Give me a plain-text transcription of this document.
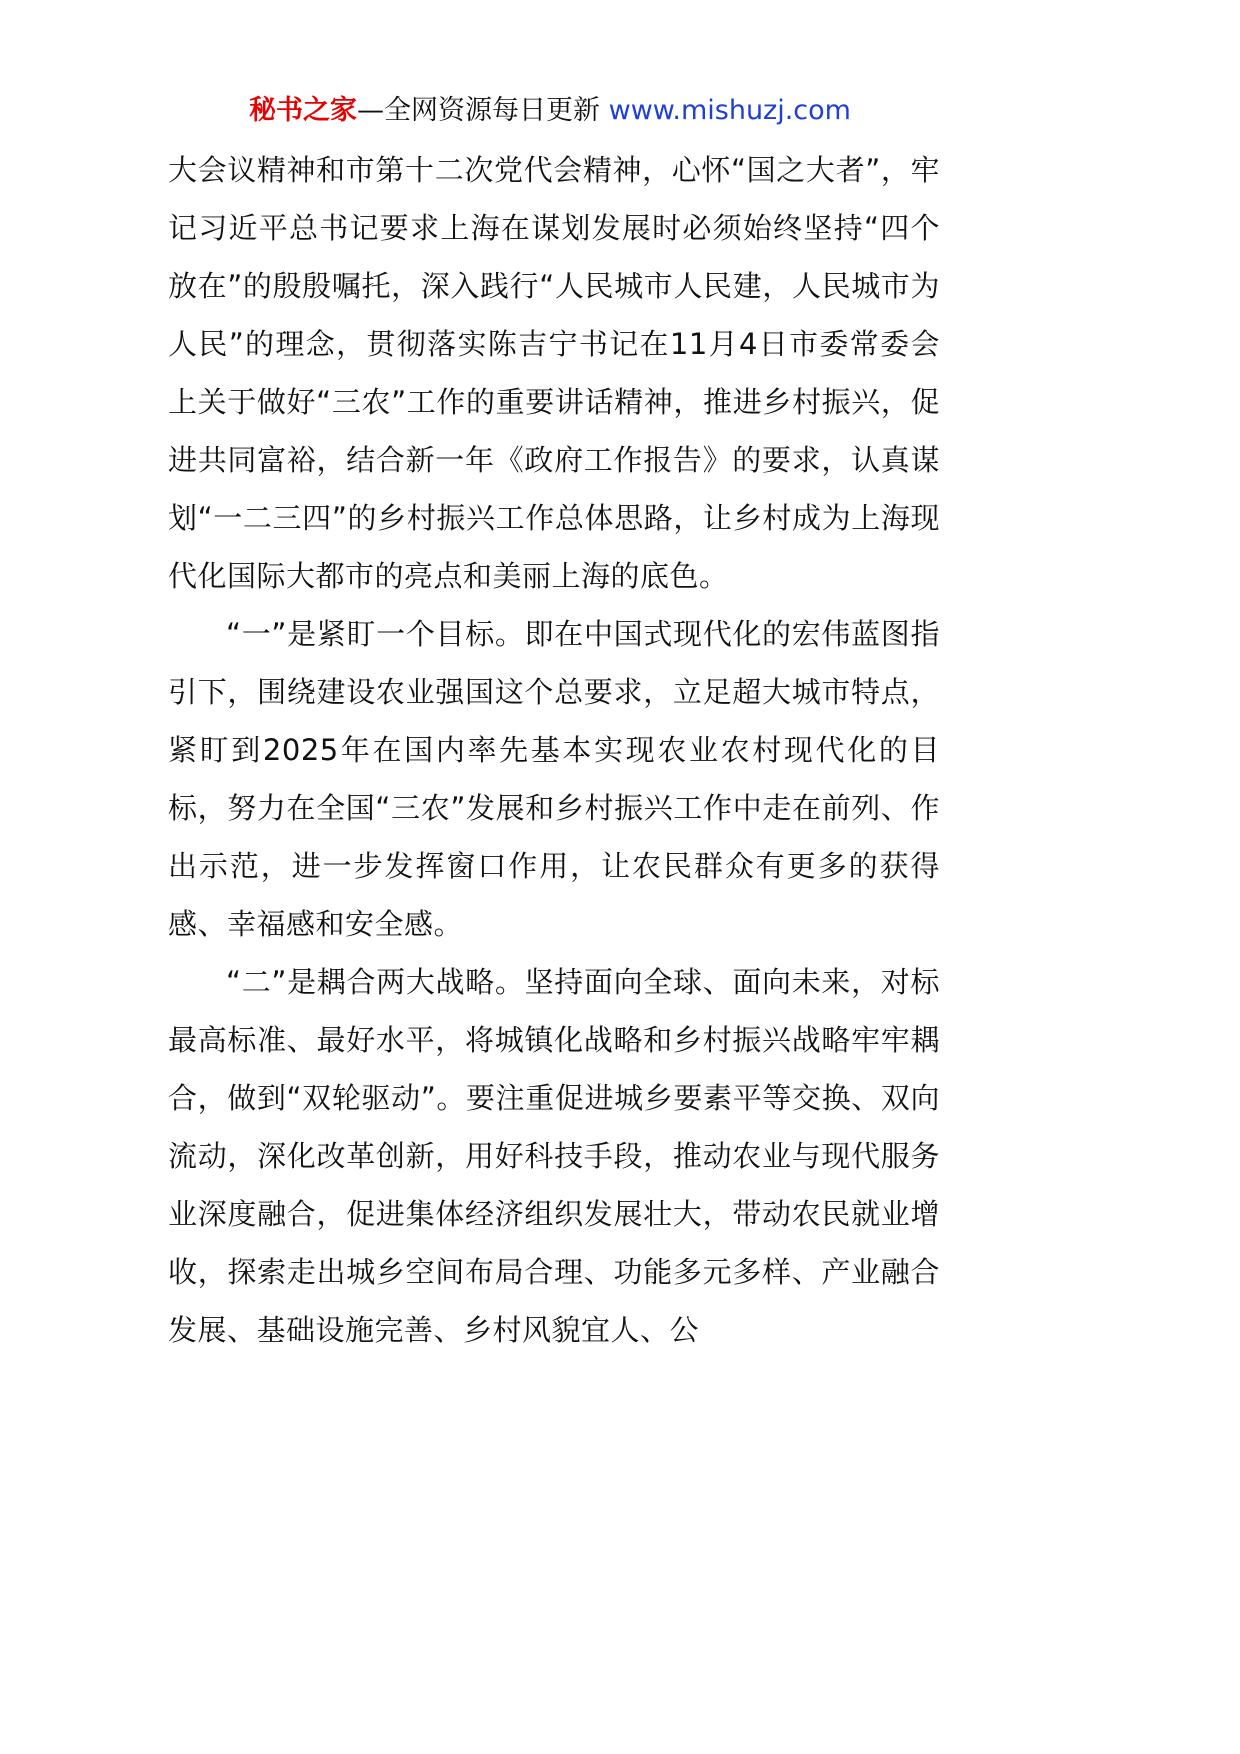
秘书之家—全网资源每日更新 www.mishuzj.com

大会议精神和市第十二次党代会精神，心怀“国之大者”，牢记习近平总书记要求上海在谋划发展时必须始终坚持“四个放在”的殷殷嘱托，深入践行“人民城市人民建，人民城市为人民”的理念，贯彻落实陈吉宁书记在11月4日市委常委会上关于做好“三农”工作的重要讲话精神，推进乡村振兴，促进共同富裕，结合新一年《政府工作报告》的要求，认真谋划“一二三四”的乡村振兴工作总体思路，让乡村成为上海现代化国际大都市的亮点和美丽上海的底色。

“一”是紧盯一个目标。即在中国式现代化的宏伟蓝图指引下，围绕建设农业强国这个总要求，立足超大城市特点，紧盯到2025年在国内率先基本实现农业农村现代化的目标，努力在全国“三农”发展和乡村振兴工作中走在前列、作出示范，进一步发挥窗口作用，让农民群众有更多的获得感、幸福感和安全感。

“二”是耦合两大战略。坚持面向全球、面向未来，对标最高标准、最好水平，将城镇化战略和乡村振兴战略牢牢耦合，做到“双轮驱动”。要注重促进城乡要素平等交换、双向流动，深化改革创新，用好科技手段，推动农业与现代服务业深度融合，促进集体经济组织发展壮大，带动农民就业增收，探索走出城乡空间布局合理、功能多元多样、产业融合发展、基础设施完善、乡村风貌宜人、公
